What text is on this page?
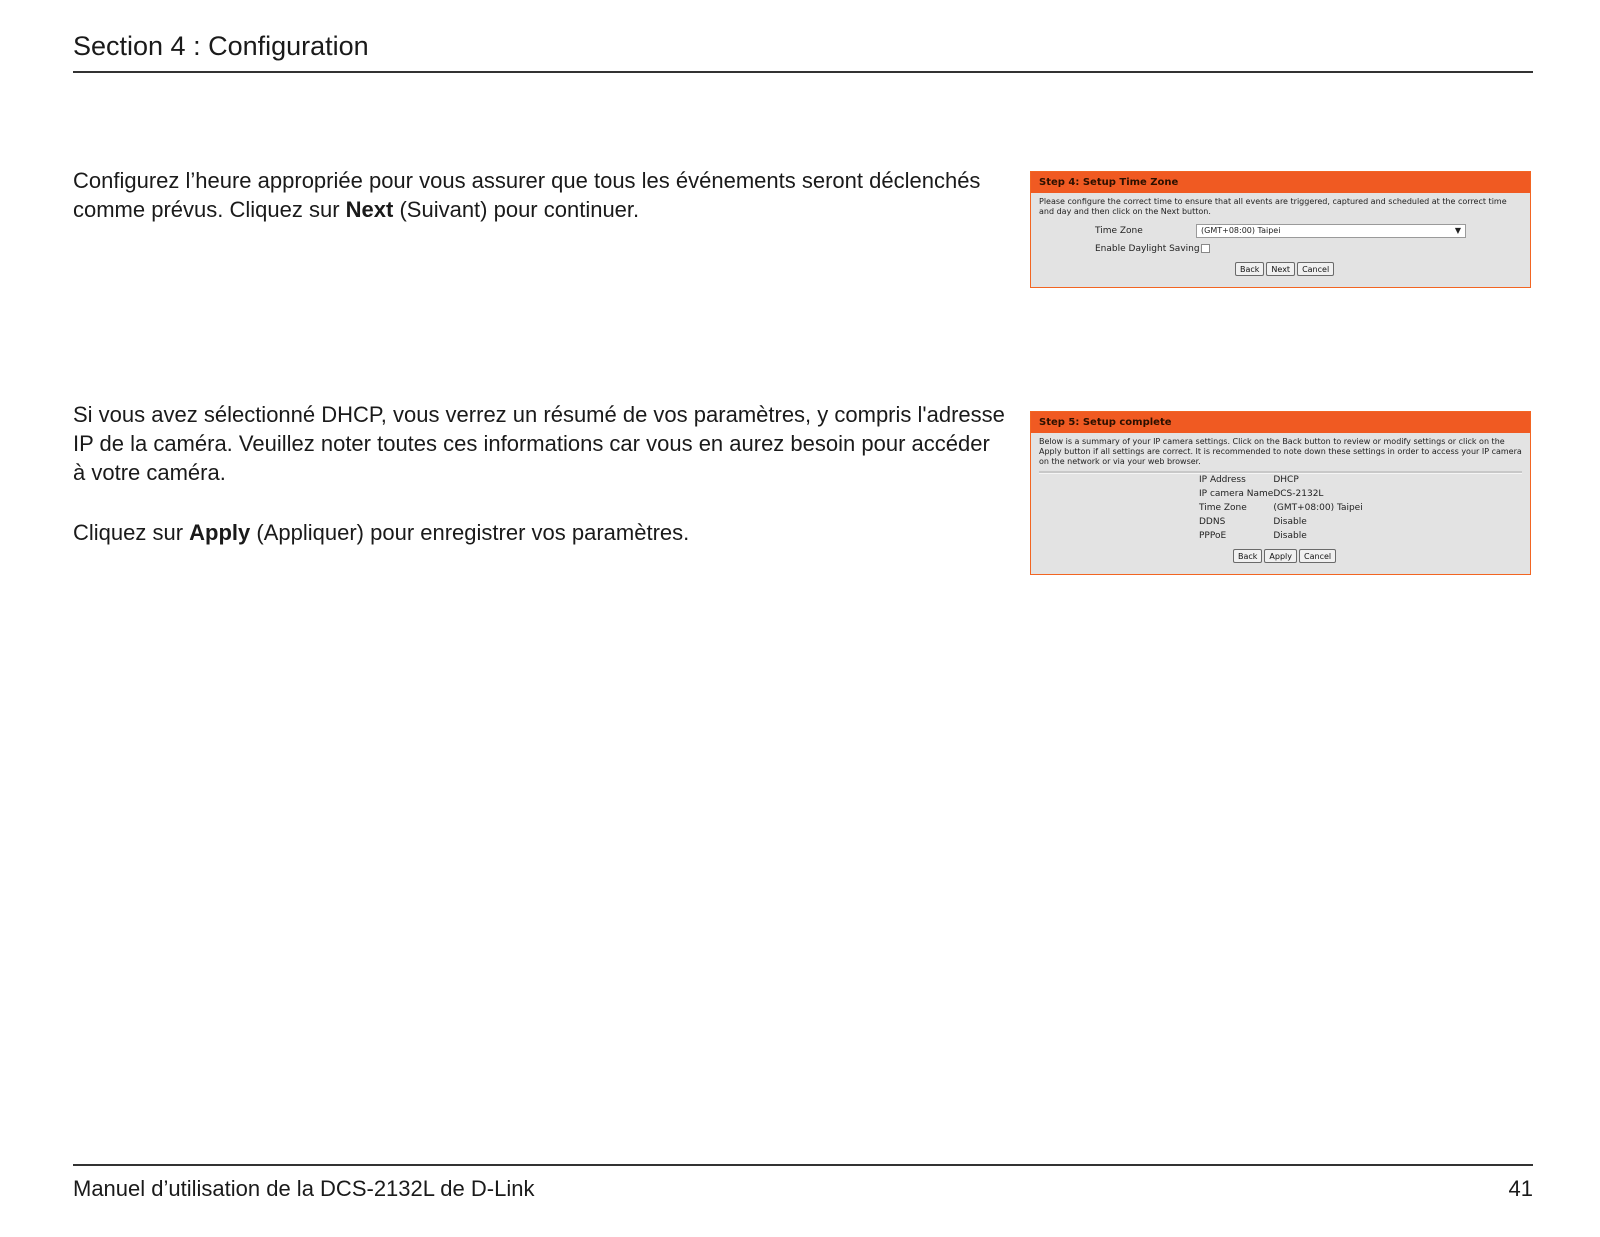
Section 4 : Configuration

Configurez l’heure appropriée pour vous assurer que tous les événements seront déclenchés comme prévus. Cliquez sur Next (Suivant) pour continuer.

Si vous avez sélectionné DHCP, vous verrez un résumé de vos paramètres, y compris l'adresse IP de la caméra. Veuillez noter toutes ces informations car vous en aurez besoin pour accéder à votre caméra.

Cliquez sur Apply (Appliquer) pour enregistrer vos paramètres.

Step 4: Setup Time Zone
Please configure the correct time to ensure that all events are triggered, captured and scheduled at the correct time and day and then click on the Next button.
Time Zone	(GMT+08:00) Taipei	▼
Enable Daylight Saving
Back	Next	Cancel
Step 5: Setup complete
Below is a summary of your IP camera settings. Click on the Back button to review or modify settings or click on the Apply button if all settings are correct. It is recommended to note down these settings in order to access your IP camera on the network or via your web browser.
IP Address	DHCP
IP camera Name	DCS-2132L
Time Zone	(GMT+08:00) Taipei
DDNS	Disable
PPPoE	Disable
Back	Apply	Cancel
Manuel d’utilisation de la DCS-2132L de D-Link	41
